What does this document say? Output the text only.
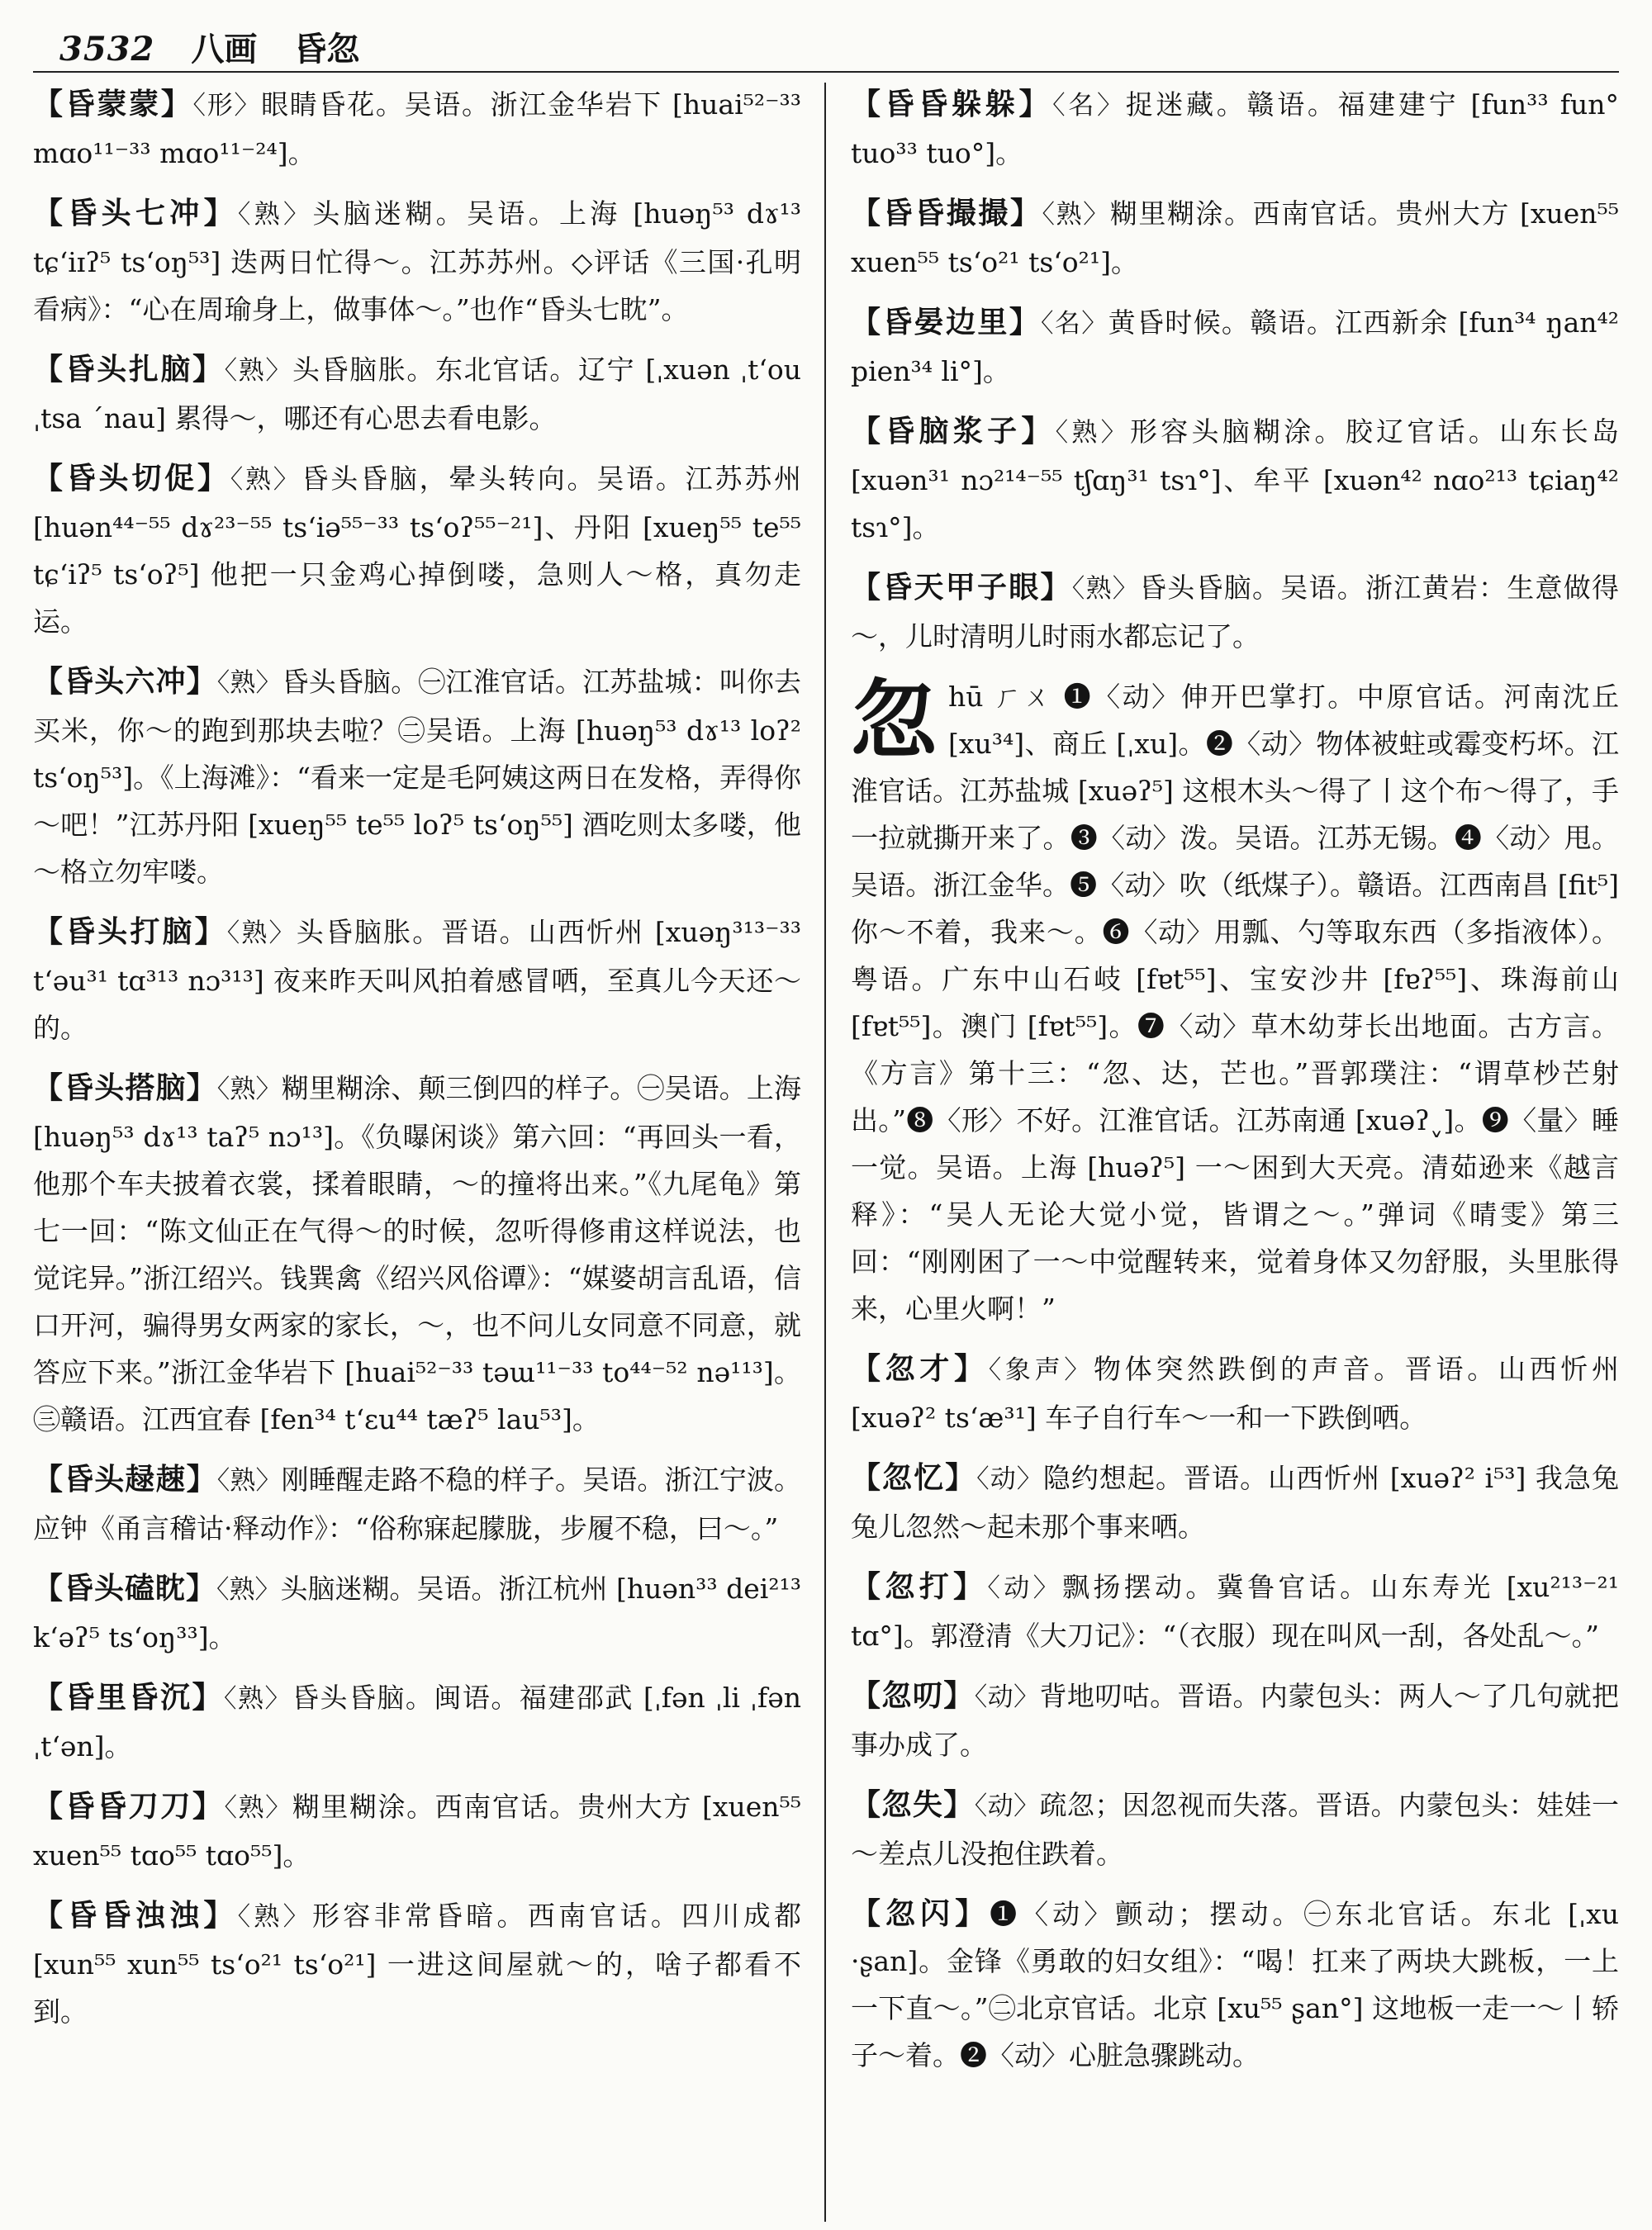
3532 八画 昏忽
【昏蒙蒙】〈形〉眼睛昏花。吴语。浙江金华岩下 [huai⁵²⁻³³ mɑo¹¹⁻³³ mɑo¹¹⁻²⁴]。
【昏头七冲】〈熟〉头脑迷糊。吴语。上海 [huəŋ⁵³ dɤ¹³ tɕ‘iɪʔ⁵ ts‘oŋ⁵³] 迭两日忙得～。江苏苏州。◇评话《三国·孔明看病》：“心在周瑜身上，做事体～。”也作“昏头七眈”。
【昏头扎脑】〈熟〉头昏脑胀。东北官话。辽宁 [ˌxuən ˌt‘ou ˌtsa ˊnau] 累得～，哪还有心思去看电影。
【昏头切促】〈熟〉昏头昏脑，晕头转向。吴语。江苏苏州 [huən⁴⁴⁻⁵⁵ dɤ²³⁻⁵⁵ ts‘iə⁵⁵⁻³³ ts‘oʔ⁵⁵⁻²¹]、丹阳 [xueŋ⁵⁵ te⁵⁵ tɕ‘iʔ⁵ ts‘oʔ⁵] 他把一只金鸡心掉倒喽，急则人～格，真勿走运。
【昏头六冲】〈熟〉昏头昏脑。㊀江淮官话。江苏盐城：叫你去买米，你～的跑到那块去啦？㊁吴语。上海 [huəŋ⁵³ dɤ¹³ loʔ² ts‘oŋ⁵³]。《上海滩》：“看来一定是毛阿姨这两日在发格，弄得你～吧！”江苏丹阳 [xueŋ⁵⁵ te⁵⁵ loʔ⁵ ts‘oŋ⁵⁵] 酒吃则太多喽，他～格立勿牢喽。
【昏头打脑】〈熟〉头昏脑胀。晋语。山西忻州 [xuəŋ³¹³⁻³³ t‘əu³¹ tɑ³¹³ nɔ³¹³] 夜来昨天叫风拍着感冒哂，至真儿今天还～的。
【昏头搭脑】〈熟〉糊里糊涂、颠三倒四的样子。㊀吴语。上海 [huəŋ⁵³ dɤ¹³ taʔ⁵ nɔ¹³]。《负曝闲谈》第六回：“再回头一看，他那个车夫披着衣裳，揉着眼睛，～的撞将出来。”《九尾龟》第七一回：“陈文仙正在气得～的时候，忽听得修甫这样说法，也觉诧异。”浙江绍兴。钱巽禽《绍兴风俗谭》：“媒婆胡言乱语，信口开河，骗得男女两家的家长，～，也不问儿女同意不同意，就答应下来。”浙江金华岩下 [huai⁵²⁻³³ təɯ¹¹⁻³³ to⁴⁴⁻⁵² nə¹¹³]。㊂赣语。江西宜春 [fen³⁴ t‘ɛu⁴⁴ tæʔ⁵ lau⁵³]。
【昏头趢趚】〈熟〉刚睡醒走路不稳的样子。吴语。浙江宁波。应钟《甬言稽诂·释动作》：“俗称寐起朦胧，步履不稳，曰～。”
【昏头磕眈】〈熟〉头脑迷糊。吴语。浙江杭州 [huən³³ dei²¹³ k‘əʔ⁵ ts‘oŋ³³]。
【昏里昏沉】〈熟〉昏头昏脑。闽语。福建邵武 [ˌfən ˌli ˌfən ˌt‘ən]。
【昏昏刀刀】〈熟〉糊里糊涂。西南官话。贵州大方 [xuen⁵⁵ xuen⁵⁵ tɑo⁵⁵ tɑo⁵⁵]。
【昏昏浊浊】〈熟〉形容非常昏暗。西南官话。四川成都 [xun⁵⁵ xun⁵⁵ ts‘o²¹ ts‘o²¹] 一进这间屋就～的，啥子都看不到。
【昏昏躲躲】〈名〉捉迷藏。赣语。福建建宁 [fun³³ fun° tuo³³ tuo°]。
【昏昏撮撮】〈熟〉糊里糊涂。西南官话。贵州大方 [xuen⁵⁵ xuen⁵⁵ ts‘o²¹ ts‘o²¹]。
【昏晏边里】〈名〉黄昏时候。赣语。江西新余 [fun³⁴ ŋan⁴² pien³⁴ li°]。
【昏脑浆子】〈熟〉形容头脑糊涂。胶辽官话。山东长岛 [xuən³¹ nɔ²¹⁴⁻⁵⁵ tʃɑŋ³¹ tsɿ°]、牟平 [xuən⁴² nɑo²¹³ tɕiaŋ⁴² tsɿ°]。
【昏天甲子眼】〈熟〉昏头昏脑。吴语。浙江黄岩：生意做得～，儿时清明儿时雨水都忘记了。
忽hū ㄏㄨ ❶〈动〉伸开巴掌打。中原官话。河南沈丘 [xu³⁴]、商丘 [ˌxu]。❷〈动〉物体被蛀或霉变朽坏。江淮官话。江苏盐城 [xuəʔ⁵] 这根木头～得了丨这个布～得了，手一拉就撕开来了。❸〈动〉泼。吴语。江苏无锡。❹〈动〉甩。吴语。浙江金华。❺〈动〉吹（纸煤子）。赣语。江西南昌 [fit⁵] 你～不着，我来～。❻〈动〉用瓢、勺等取东西（多指液体）。粤语。广东中山石岐 [fɐt⁵⁵]、宝安沙井 [fɐʔ⁵⁵]、珠海前山 [fɐt⁵⁵]。澳门 [fɐt⁵⁵]。❼〈动〉草木幼芽长出地面。古方言。《方言》第十三：“忽、达，芒也。”晋郭璞注：“谓草杪芒射出。”❽〈形〉不好。江淮官话。江苏南通 [xuəʔˬ]。❾〈量〉睡一觉。吴语。上海 [huəʔ⁵] 一～困到大天亮。清茹逊来《越言释》：“吴人无论大觉小觉，皆谓之～。”弹词《晴雯》第三回：“刚刚困了一～中觉醒转来，觉着身体又勿舒服，头里胀得来，心里火啊！”
【忽才】〈象声〉物体突然跌倒的声音。晋语。山西忻州 [xuəʔ² ts‘æ³¹] 车子自行车～一和一下跌倒哂。
【忽忆】〈动〉隐约想起。晋语。山西忻州 [xuəʔ² i⁵³] 我急兔兔儿忽然～起未那个事来哂。
【忽打】〈动〉飘扬摆动。冀鲁官话。山东寿光 [xu²¹³⁻²¹ tɑ°]。郭澄清《大刀记》：“（衣服）现在叫风一刮，各处乱～。”
【忽叨】〈动〉背地叨咕。晋语。内蒙包头：两人～了几句就把事办成了。
【忽失】〈动〉疏忽；因忽视而失落。晋语。内蒙包头：娃娃一～差点儿没抱住跌着。
【忽闪】❶〈动〉颤动；摆动。㊀东北官话。东北 [ˌxu ·ʂan]。金锋《勇敢的妇女组》：“喝！扛来了两块大跳板，一上一下直～。”㊁北京官话。北京 [xu⁵⁵ ʂan°] 这地板一走一～丨轿子～着。❷〈动〉心脏急骤跳动。
